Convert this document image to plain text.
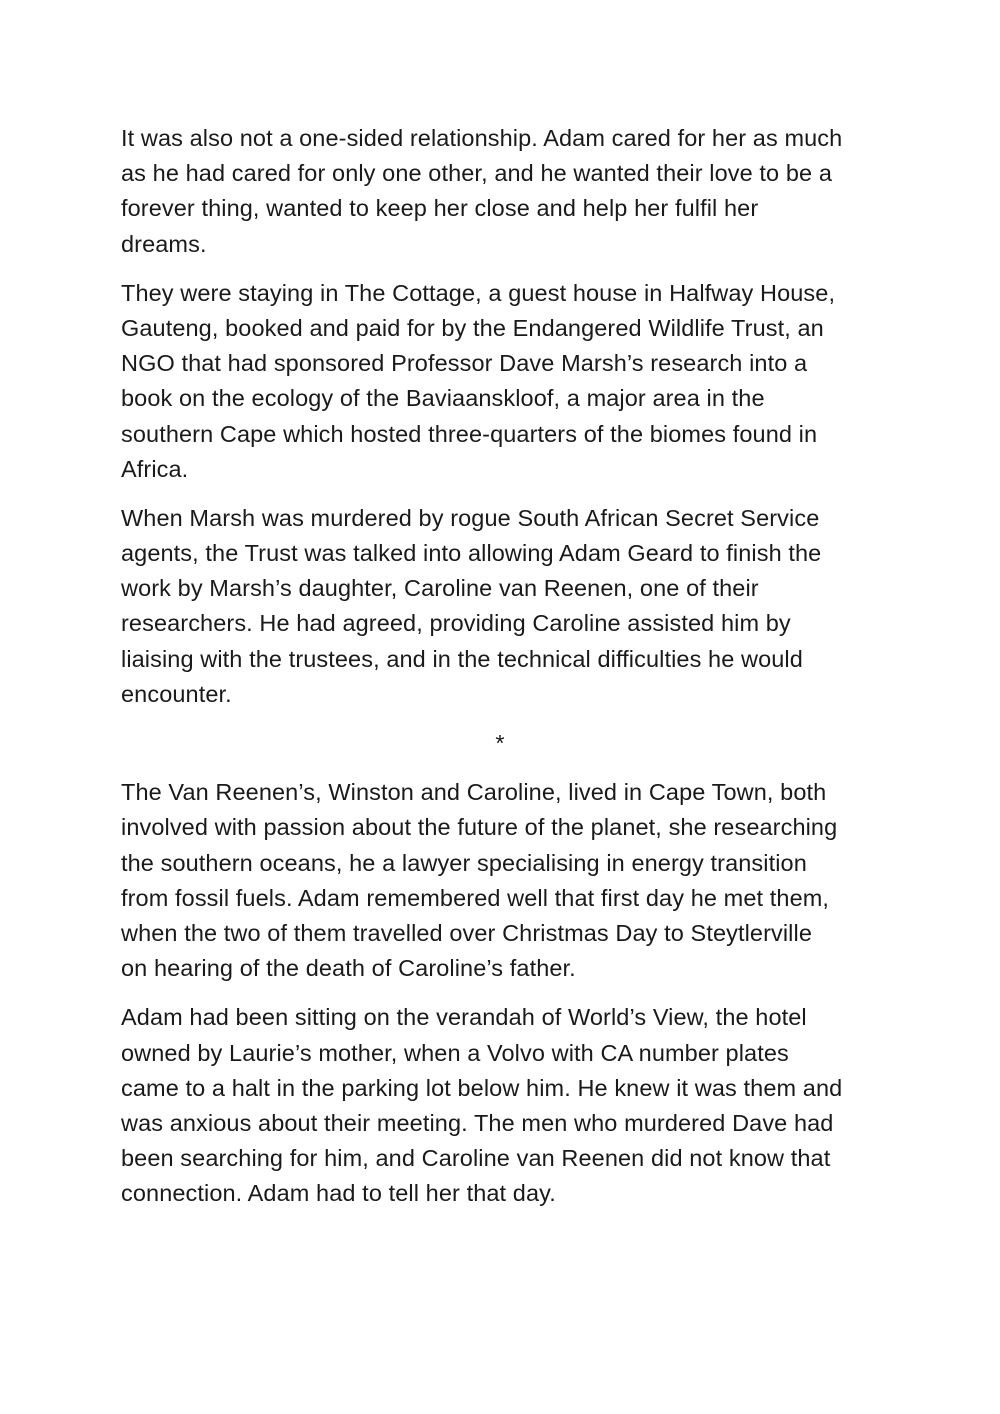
It was also not a one-sided relationship. Adam cared for her as much
as he had cared for only one other, and he wanted their love to be a
forever thing, wanted to keep her close and help her fulfil her
dreams.

They were staying in The Cottage, a guest house in Halfway House,
Gauteng, booked and paid for by the Endangered Wildlife Trust, an
NGO that had sponsored Professor Dave Marsh’s research into a
book on the ecology of the Baviaanskloof, a major area in the
southern Cape which hosted three-quarters of the biomes found in
Africa.

When Marsh was murdered by rogue South African Secret Service
agents, the Trust was talked into allowing Adam Geard to finish the
work by Marsh’s daughter, Caroline van Reenen, one of their
researchers. He had agreed, providing Caroline assisted him by
liaising with the trustees, and in the technical difficulties he would
encounter.

*

The Van Reenen’s, Winston and Caroline, lived in Cape Town, both
involved with passion about the future of the planet, she researching
the southern oceans, he a lawyer specialising in energy transition
from fossil fuels. Adam remembered well that first day he met them,
when the two of them travelled over Christmas Day to Steytlerville
on hearing of the death of Caroline’s father.

Adam had been sitting on the verandah of World’s View, the hotel
owned by Laurie’s mother, when a Volvo with CA number plates
came to a halt in the parking lot below him. He knew it was them and
was anxious about their meeting. The men who murdered Dave had
been searching for him, and Caroline van Reenen did not know that
connection. Adam had to tell her that day.
